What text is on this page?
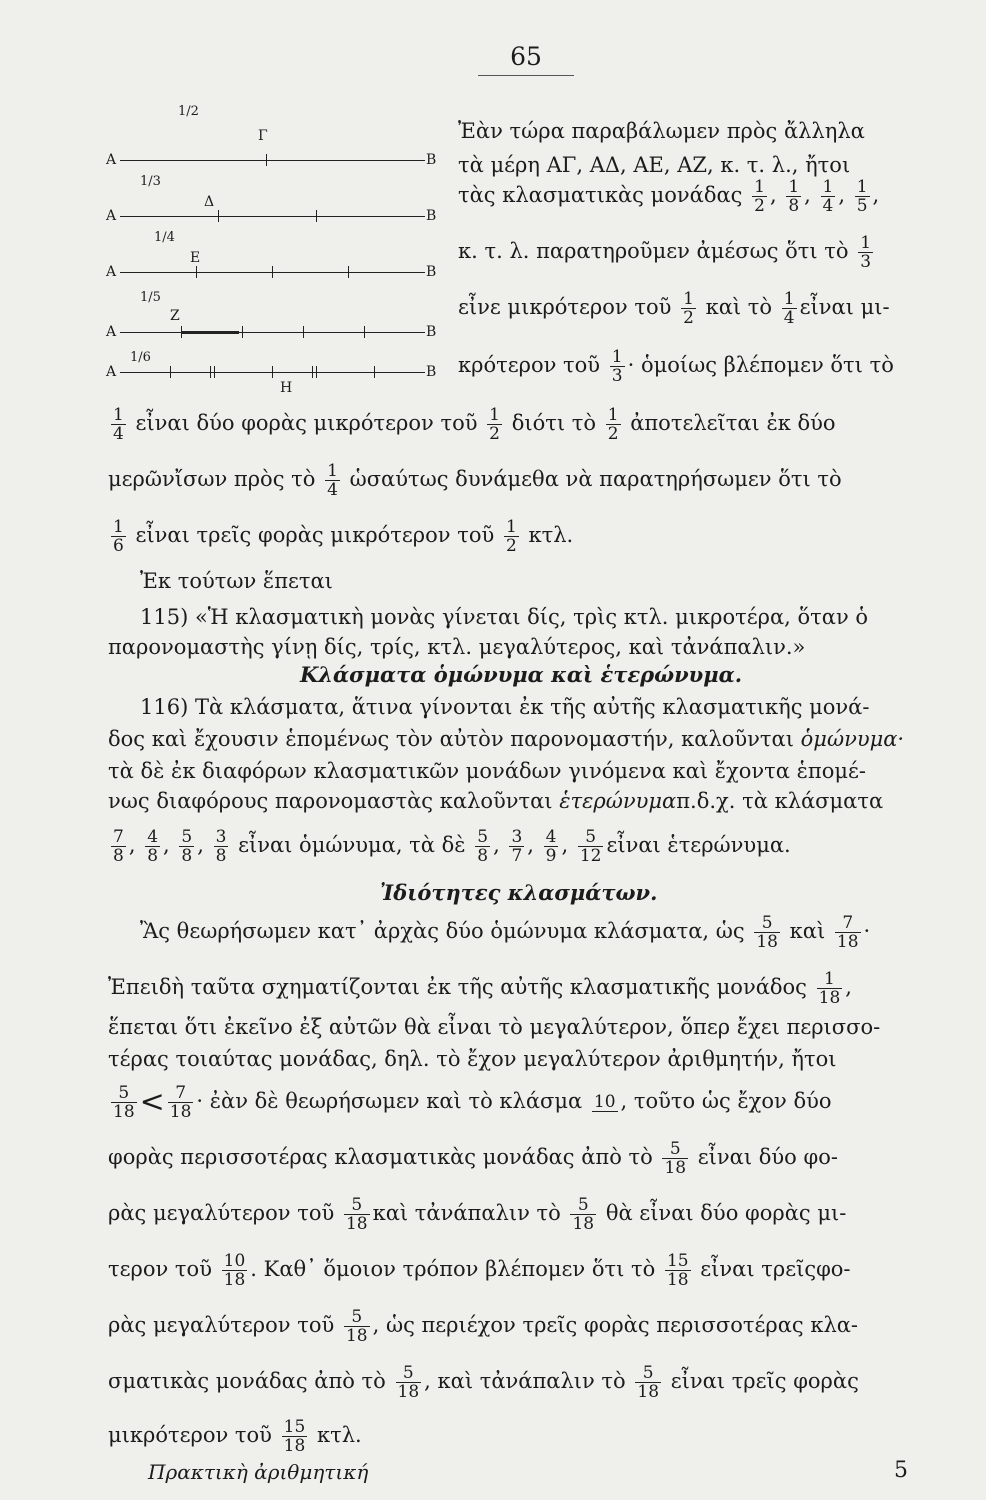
65
1/2
Γ
Α	Β
1/3
Δ
Α	Β
1/4
Ε
Α	Β
1/5
Ζ
Α	Β
1/6
Α
Η
Β
Ἐὰν τώρα παραβάλωμεν πρὸς ἄλληλα
τὰ μέρη ΑΓ, ΑΔ, ΑΕ, ΑΖ, κ. τ. λ., ἤτοι
τὰς κλασματικὰς μονάδας $\frac{1}{2}$ , $\frac{1}{8}$ , $\frac{1}{4}$ , $\frac{1}{5}$ ,
κ. τ. λ. παρατηροῦμεν ἀμέσως ὅτι τὸ $\frac{1}{3}$
εἶνε μικρότερον τοῦ $\frac{1}{2}$ καὶ τὸ $\frac{1}{4}$ εἶναι μι-
κρότερον τοῦ $\frac{1}{3}$ · ὁμοίως βλέπομεν ὅτι τὸ
$\frac{1}{4}$ εἶναι δύο φορὰς μικρότερον τοῦ $\frac{1}{2}$ διότι τὸ $\frac{1}{2}$ ἀποτελεῖται ἐκ δύο
μερῶνἴσων πρὸς τὸ $\frac{1}{4}$ ὡσαύτως δυνάμεθα νὰ παρατηρήσωμεν ὅτι τὸ
$\frac{1}{6}$ εἶναι τρεῖς φορὰς μικρότερον τοῦ $\frac{1}{2} \kappa\tau\lambda$.
Ἐκ τούτων ἕπεται
115) «Ἡ κλασματικὴ μονὰς γίνεται δίς, τρὶς κτλ. μικροτέρα, ὅταν ὁ
παρονομαστὴς γίνῃ δίς, τρίς, κτλ. μεγαλύτερος, καὶ τἀνάπαλιν.»
Κλάσματα ὁμώνυμα καὶ ἑτερώνυμα.
116) Τὰ κλάσματα, ἅτινα γίνονται ἐκ τῆς αὐτῆς κλασματικῆς μονά-
δος καὶ ἔχουσιν ἑπομένως τὸν αὐτὸν παρονομαστήν, καλοῦνται ὁμώνυμα·
τὰ δὲ ἐκ διαφόρων κλασματικῶν μονάδων γινόμενα καὶ ἔχοντα ἑπομέ-
νως διαφόρους παρονομαστὰς καλοῦνται ἑτερώνυμαπ.δ.χ. τὰ κλάσματα
$\frac{7}{8}$ , $\frac{4}{8}$ , $\frac{5}{8}$ , $\frac{3}{8}$ εἶναι ὁμώνυμα, τὰ δὲ $\frac{5}{8}$ , $\frac{3}{7}$ , $\frac{4}{9}$ , $\frac{5}{12}$ εἶναι ἑτερώνυμα.
Ἰδιότητες κλασμάτων.
Ἂς θεωρήσωμεν κατ᾽ ἀρχὰς δύο ὁμώνυμα κλάσματα, ὡς $\frac{5}{18}$ καὶ $\frac{7}{18}$ ·
Ἐπειδὴ ταῦτα σχηματίζονται ἐκ τῆς αὐτῆς κλασματικῆς μονάδος $\frac{1}{18}$ ,
ἕπεται ὅτι ἐκεῖνο ἐξ αὐτῶν θὰ εἶναι τὸ μεγαλύτερον, ὅπερ ἔχει περισσο-
τέρας τοιαύτας μονάδας, δηλ. τὸ ἔχον μεγαλύτερον ἀριθμητήν, ἤτοι
$\frac{5}{18} < \frac{7}{18}$ · ἐὰν δὲ θεωρήσωμεν καὶ τὸ κλάσμα 10 , τοῦτο ὡς ἔχον δύο
φορὰς περισσοτέρας κλασματικὰς μονάδας ἀπὸ τὸ $\frac{5}{18}$ εἶναι δύο φο-
ρὰς μεγαλύτερον τοῦ $\frac{5}{18}$ καὶ τἀνάπαλιν τὸ $\frac{5}{18}$ θὰ εἶναι δύο φορὰς μι-
τερον τοῦ $\frac{10}{18}$ . Καθ᾽ ὅμοιον τρόπον βλέπομεν ὅτι τὸ $\frac{15}{18}$ εἶναι τρεῖςφο-
ρὰς μεγαλύτερον τοῦ $\frac{5}{18}$ , ὡς περιέχον τρεῖς φορὰς περισσοτέρας κλα-
σματικὰς μονάδας ἀπὸ τὸ $\frac{5}{18}$ , καὶ τἀνάπαλιν τὸ $\frac{5}{18}$ εἶναι τρεῖς φορὰς
μικρότερον τοῦ $\frac{15}{18} \kappa\tau\lambda$.
Πρακτικὴ ἀριθμητική	5
